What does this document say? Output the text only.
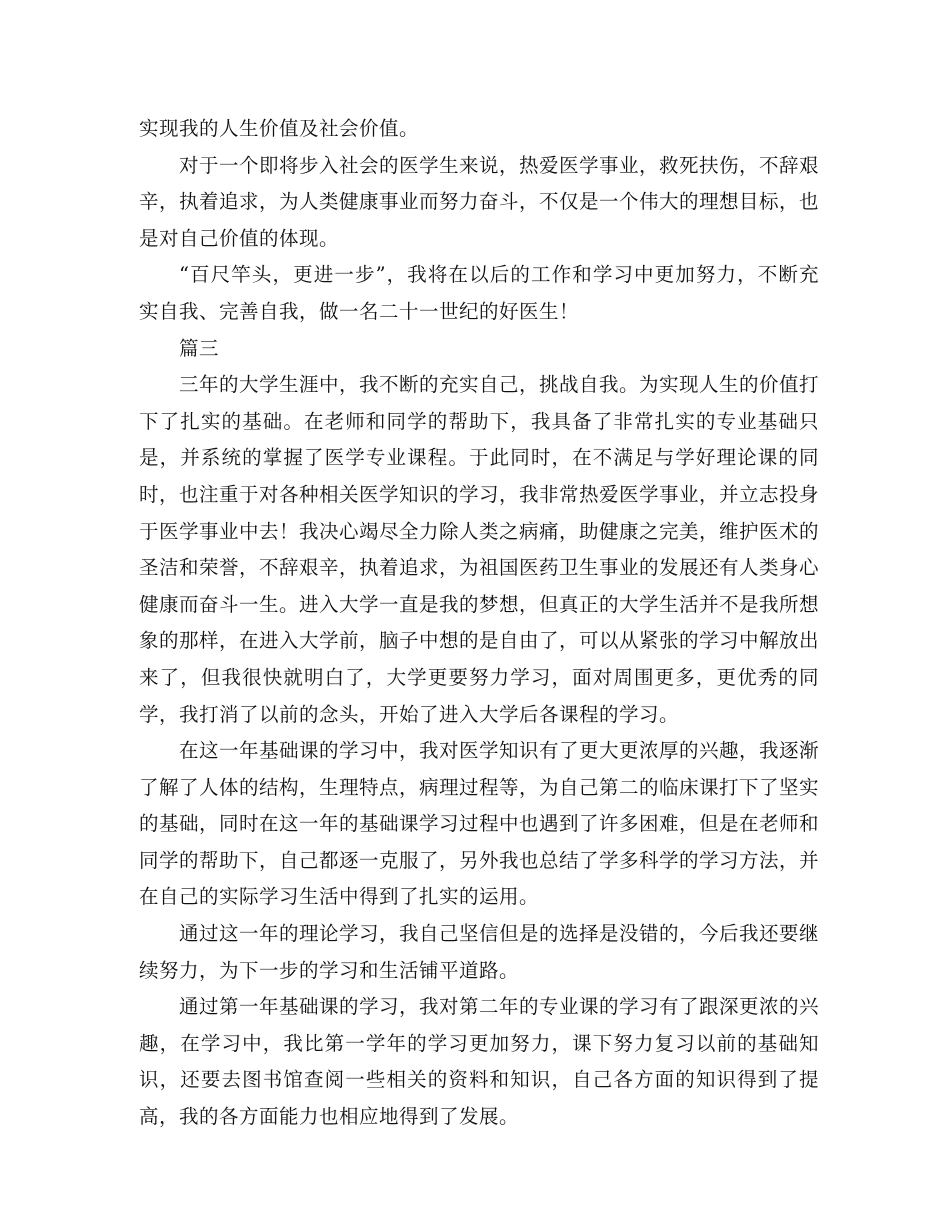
实现我的人生价值及社会价值。

对于一个即将步入社会的医学生来说，热爱医学事业，救死扶伤，不辞艰辛，执着追求，为人类健康事业而努力奋斗，不仅是一个伟大的理想目标，也是对自己价值的体现。

“百尺竿头，更进一步”，我将在以后的工作和学习中更加努力，不断充实自我、完善自我，做一名二十一世纪的好医生！

篇三

三年的大学生涯中，我不断的充实自己，挑战自我。为实现人生的价值打下了扎实的基础。在老师和同学的帮助下，我具备了非常扎实的专业基础只是，并系统的掌握了医学专业课程。于此同时，在不满足与学好理论课的同时，也注重于对各种相关医学知识的学习，我非常热爱医学事业，并立志投身于医学事业中去！我决心竭尽全力除人类之病痛，助健康之完美，维护医术的圣洁和荣誉，不辞艰辛，执着追求，为祖国医药卫生事业的发展还有人类身心健康而奋斗一生。进入大学一直是我的梦想，但真正的大学生活并不是我所想象的那样，在进入大学前，脑子中想的是自由了，可以从紧张的学习中解放出来了，但我很快就明白了，大学更要努力学习，面对周围更多，更优秀的同学，我打消了以前的念头，开始了进入大学后各课程的学习。

在这一年基础课的学习中，我对医学知识有了更大更浓厚的兴趣，我逐渐了解了人体的结构，生理特点，病理过程等，为自己第二的临床课打下了坚实的基础，同时在这一年的基础课学习过程中也遇到了许多困难，但是在老师和同学的帮助下，自己都逐一克服了，另外我也总结了学多科学的学习方法，并在自己的实际学习生活中得到了扎实的运用。

通过这一年的理论学习，我自己坚信但是的选择是没错的，今后我还要继续努力，为下一步的学习和生活铺平道路。

通过第一年基础课的学习，我对第二年的专业课的学习有了跟深更浓的兴趣，在学习中，我比第一学年的学习更加努力，课下努力复习以前的基础知识，还要去图书馆查阅一些相关的资料和知识，自己各方面的知识得到了提高，我的各方面能力也相应地得到了发展。
